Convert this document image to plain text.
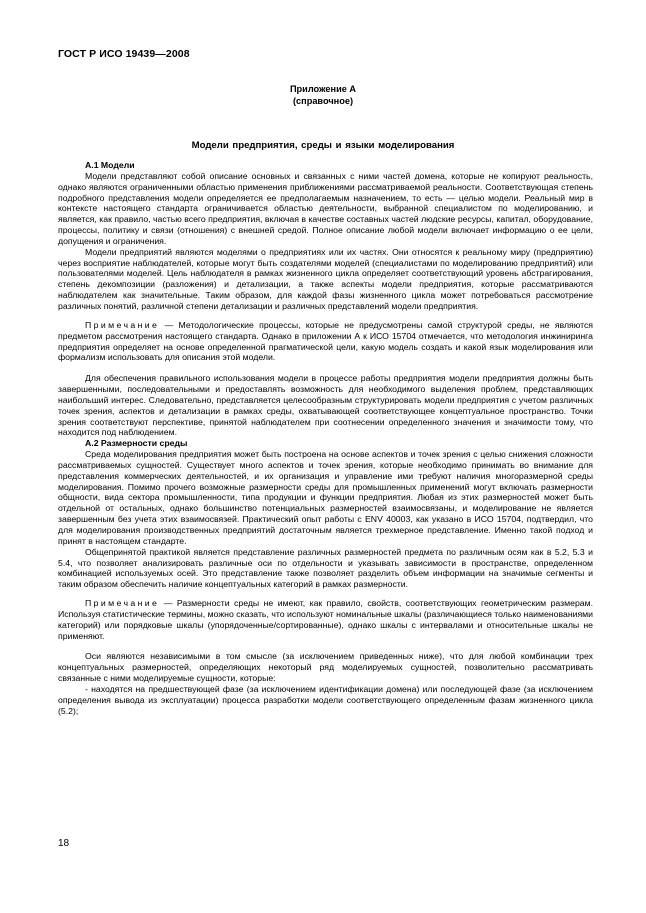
ГОСТ Р ИСО 19439—2008
Приложение А
(справочное)
Модели предприятия, среды и языки моделирования
А.1 Модели

Модели представляют собой описание основных и связанных с ними частей домена, которые не копируют реальность, однако являются ограниченными областью применения приближениями рассматриваемой реальности. Соответствующая степень подробного представления модели определяется ее предполагаемым назначением, то есть — целью модели. Реальный мир в контексте настоящего стандарта ограничивается областью деятельности, выбранной специалистом по моделированию, и является, как правило, частью всего предприятия, включая в качестве составных частей людские ресурсы, капитал, оборудование, процессы, политику и связи (отношения) с внешней средой. Полное описание любой модели включает информацию о ее цели, допущения и ограничения.

Модели предприятий являются моделями о предприятиях или их частях. Они относятся к реальному миру (предприятию) через восприятие наблюдателей, которые могут быть создателями моделей (специалистами по моделированию предприятий) или пользователями моделей. Цель наблюдателя в рамках жизненного цикла определяет соответствующий уровень абстрагирования, степень декомпозиции (разложения) и детализации, а также аспекты модели предприятия, которые рассматриваются наблюдателем как значительные. Таким образом, для каждой фазы жизненного цикла может потребоваться рассмотрение различных понятий, различной степени детализации и различных представлений модели предприятия.

Примечание — Методологические процессы, которые не предусмотрены самой структурой среды, не являются предметом рассмотрения настоящего стандарта. Однако в приложении А к ИСО 15704 отмечается, что методология инжиниринга предприятия определяет на основе определенной прагматической цели, какую модель создать и какой язык моделирования или формализм использовать для описания этой модели.

Для обеспечения правильного использования модели в процессе работы предприятия модели предприятия должны быть завершенными, последовательными и предоставлять возможность для необходимого выделения проблем, представляющих наибольший интерес. Следовательно, представляется целесообразным структурировать модели предприятия с учетом различных точек зрения, аспектов и детализации в рамках среды, охватывающей соответствующее концептуальное пространство. Точки зрения соответствуют перспективе, принятой наблюдателем при соотнесении определенного значения и значимости тому, что находится под наблюдением.

А.2 Размерности среды

Среда моделирования предприятия может быть построена на основе аспектов и точек зрения с целью снижения сложности рассматриваемых сущностей. Существует много аспектов и точек зрения, которые необходимо принимать во внимание для представления коммерческих деятельностей, и их организация и управление ими требуют наличия многоразмерной среды моделирования. Помимо прочего возможные размерности среды для промышленных применений могут включать размерности общности, вида сектора промышленности, типа продукции и функции предприятия. Любая из этих размерностей может быть отдельной от остальных, однако большинство потенциальных размерностей взаимосвязаны, и моделирование не является завершенным без учета этих взаимосвязей. Практический опыт работы с ENV 40003, как указано в ИСО 15704, подтвердил, что для моделирования производственных предприятий достаточным является трехмерное представление. Именно такой подход и принят в настоящем стандарте.

Общепринятой практикой является представление различных размерностей предмета по различным осям как в 5.2, 5.3 и 5.4, что позволяет анализировать различные оси по отдельности и указывать зависимости в пространстве, определенном комбинацией используемых осей. Это представление также позволяет разделить объем информации на значимые сегменты и таким образом обеспечить наличие концептуальных категорий в рамках размерности.

Примечание — Размерности среды не имеют, как правило, свойств, соответствующих геометрическим размерам. Используя статистические термины, можно сказать, что используют номинальные шкалы (различающиеся только наименованиями категорий) или порядковые шкалы (упорядоченные/сортированные), однако шкалы с интервалами и относительные шкалы не применяют.

Оси являются независимыми в том смысле (за исключением приведенных ниже), что для любой комбинации трех концептуальных размерностей, определяющих некоторый ряд моделируемых сущностей, позволительно рассматривать связанные с ними моделируемые сущности, которые:

- находятся на предшествующей фазе (за исключением идентификации домена) или последующей фазе (за исключением определения вывода из эксплуатации) процесса разработки модели соответствующего определенным фазам жизненного цикла (5.2);

18
